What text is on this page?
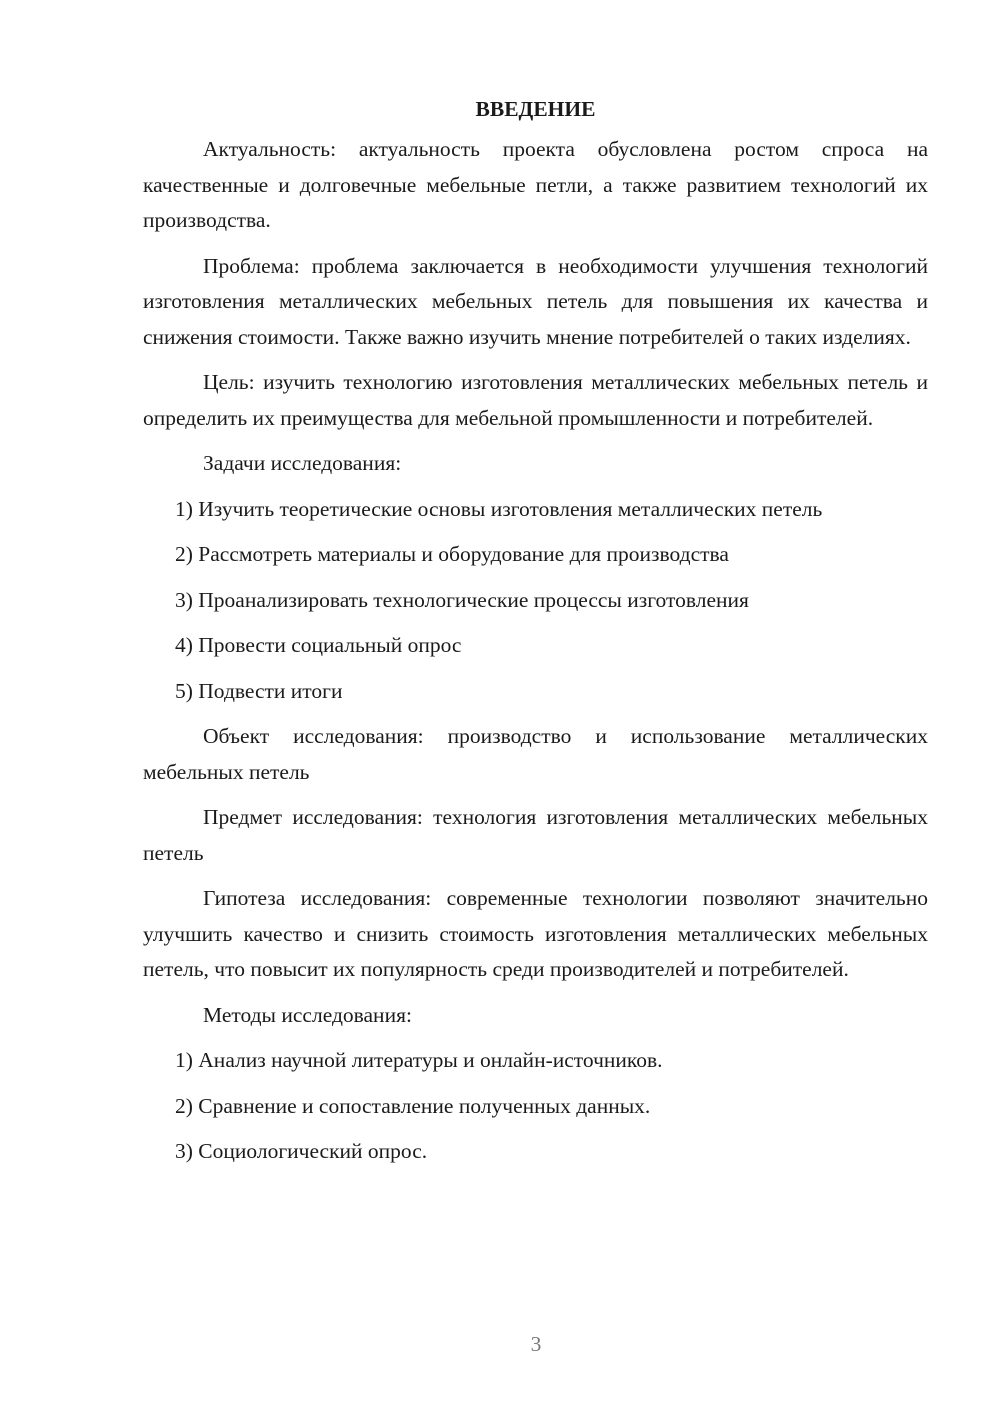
ВВЕДЕНИЕ

Актуальность: актуальность проекта обусловлена ростом спроса на качественные и долговечные мебельные петли, а также развитием технологий их производства.

Проблема: проблема заключается в необходимости улучшения технологий изготовления металлических мебельных петель для повышения их качества и снижения стоимости. Также важно изучить мнение потребителей о таких изделиях.

Цель: изучить технологию изготовления металлических мебельных петель и определить их преимущества для мебельной промышленности и потребителей.

Задачи исследования:

1) Изучить теоретические основы изготовления металлических петель

2) Рассмотреть материалы и оборудование для производства

3) Проанализировать технологические процессы изготовления

4) Провести социальный опрос

5) Подвести итоги

Объект исследования: производство и использование металлических мебельных петель

Предмет исследования: технология изготовления металлических мебельных петель

Гипотеза исследования: современные технологии позволяют значительно улучшить качество и снизить стоимость изготовления металлических мебельных петель, что повысит их популярность среди производителей и потребителей.

Методы исследования:

1) Анализ научной литературы и онлайн-источников.

2) Сравнение и сопоставление полученных данных.

3) Социологический опрос.

3
